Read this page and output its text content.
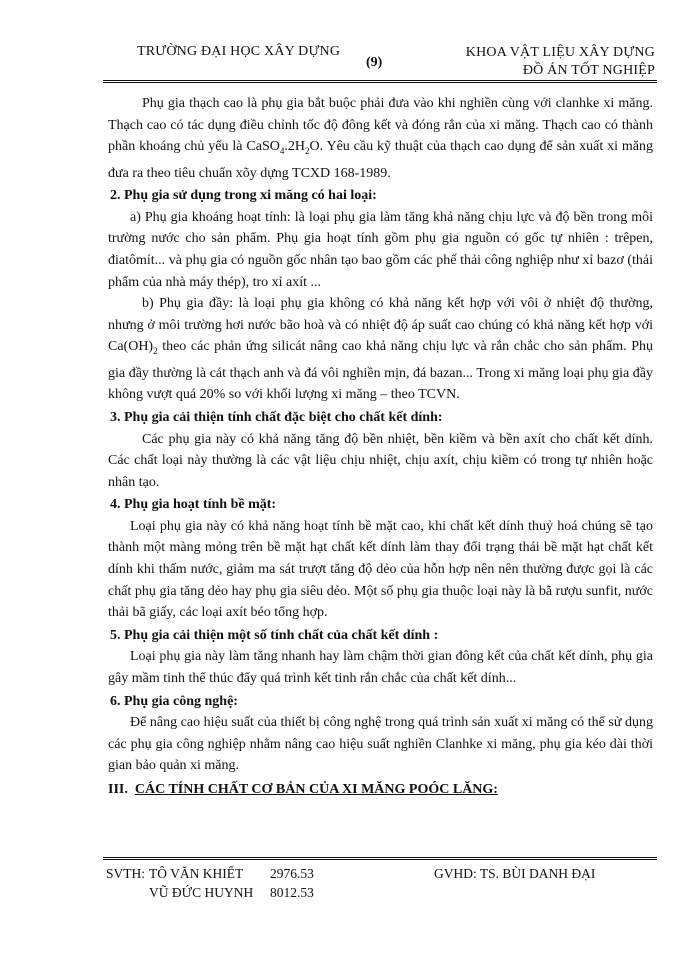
TRƯỜNG ĐẠI HỌC XÂY DỰNG
(9)
KHOA VẬT LIỆU XÂY DỰNG
ĐỒ ÁN TỐT NGHIỆP

Phụ gia thạch cao là phụ gia bắt buộc phải đưa vào khi nghiền cùng với clanhke xi măng. Thạch cao có tác dụng điều chỉnh tốc độ đông kết và đóng rắn của xi măng. Thạch cao có thành phần khoáng chủ yếu là $CaSO_4.2H_2O$. Yêu cầu kỹ thuật của thạch cao dụng để sản xuất xi măng đưa ra theo tiêu chuẩn xõy dựng TCXD 168-1989.

2. Phụ gia sử dụng trong xi măng có hai loại:

a) Phụ gia khoáng hoạt tính: là loại phụ gia làm tăng khả năng chịu lực và độ bền trong môi trường nước cho sản phẩm. Phụ gia hoạt tính gồm phụ gia nguồn có gốc tự nhiên : trêpen, điatômít... và phụ gia có nguồn gốc nhân tạo bao gồm các phế thải công nghiệp như xỉ bazơ (thải phẩm của nhà máy thép), tro xỉ axít ...

b) Phụ gia đầy: là loại phụ gia không có khả năng kết hợp với vôi ở nhiệt độ thường, nhưng ở môi trường hơi nước bão hoà và có nhiệt độ áp suất cao chúng có khả năng kết hợp với $Ca(OH)_2$ theo các phản ứng silicát nâng cao khả năng chịu lực và rắn chắc cho sản phẩm. Phụ gia đầy thường là cát thạch anh và đá vôi nghiền mịn, đá bazan... Trong xi măng loại phụ gia đầy không vượt quá 20% so với khối lượng xi măng – theo TCVN.

3. Phụ gia cải thiện tính chất đặc biệt cho chất kết dính:

Các phụ gia này có khả năng tăng độ bền nhiệt, bền kiềm và bền axít cho chất kết dính. Các chất loại này thường là các vật liệu chịu nhiệt, chịu axít, chịu kiềm có trong tự nhiên hoặc nhân tạo.

4. Phụ gia hoạt tính bề mặt:

Loại phụ gia này có khả năng hoạt tính bề mặt cao, khi chất kết dính thuỷ hoá chúng sẽ tạo thành một màng mỏng trên bề mặt hạt chất kết dính làm thay đổi trạng thái bề mặt hạt chất kết dính khi thấm nước, giảm ma sát trượt tăng độ dẻo của hỗn hợp nên nên thường được gọi là các chất phụ gia tăng dẻo hay phụ gia siêu dẻo. Một số phụ gia thuộc loại này là bã rượu sunfit, nước thải bã giấy, các loại axít béo tổng hợp.

5. Phụ gia cải thiện một số tính chất của chất kết dính :

Loại phụ gia này làm tăng nhanh hay làm chậm thời gian đông kết của chất kết dính, phụ gia gây mầm tinh thể thúc đẩy quá trình kết tinh rắn chắc của chất kết dính...

6. Phụ gia công nghệ:

Để nâng cao hiệu suất của thiết bị công nghệ trong quá trình sản xuất xi măng có thể sử dụng các phụ gia công nghiệp nhằm nâng cao hiệu suất nghiền Clanhke xi măng, phụ gia kéo dài thời gian bảo quản xi măng.

III. CÁC TÍNH CHẤT CƠ BẢN CỦA XI MĂNG POÓC LĂNG:

SVTH: TÔ VĂN KHIẾT 2976.53
VŨ ĐỨC HUYNH 8012.53
GVHD: TS. BÙI DANH ĐẠI
